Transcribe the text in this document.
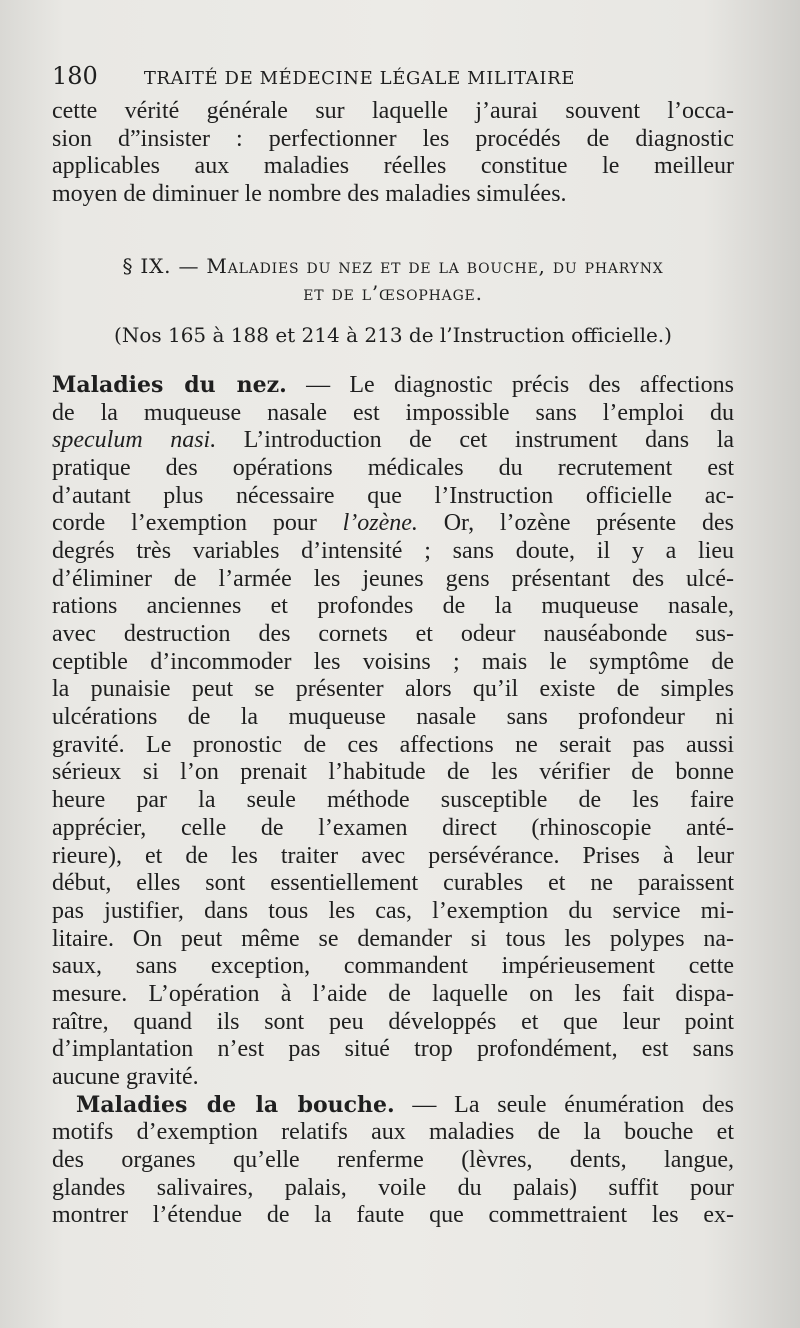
180	TRAITÉ DE MÉDECINE LÉGALE MILITAIRE
cette vérité générale sur laquelle j’aurai souvent l’occa-
sion d”insister : perfectionner les procédés de diagnostic
applicables aux maladies réelles constitue le meilleur
moyen de diminuer le nombre des maladies simulées.
§ IX. — Maladies du nez et de la bouche, du pharynx
et de l’œsophage.
(Nos 165 à 188 et 214 à 213 de l’Instruction officielle.)
Maladies du nez. — Le diagnostic précis des affections
de la muqueuse nasale est impossible sans l’emploi du
speculum nasi. L’introduction de cet instrument dans la
pratique des opérations médicales du recrutement est
d’autant plus nécessaire que l’Instruction officielle ac-
corde l’exemption pour l’ozène. Or, l’ozène présente des
degrés très variables d’intensité ; sans doute, il y a lieu
d’éliminer de l’armée les jeunes gens présentant des ulcé-
rations anciennes et profondes de la muqueuse nasale,
avec destruction des cornets et odeur nauséabonde sus-
ceptible d’incommoder les voisins ; mais le symptôme de
la punaisie peut se présenter alors qu’il existe de simples
ulcérations de la muqueuse nasale sans profondeur ni
gravité. Le pronostic de ces affections ne serait pas aussi
sérieux si l’on prenait l’habitude de les vérifier de bonne
heure par la seule méthode susceptible de les faire
apprécier, celle de l’examen direct (rhinoscopie anté-
rieure), et de les traiter avec persévérance. Prises à leur
début, elles sont essentiellement curables et ne paraissent
pas justifier, dans tous les cas, l’exemption du service mi-
litaire. On peut même se demander si tous les polypes na-
saux, sans exception, commandent impérieusement cette
mesure. L’opération à l’aide de laquelle on les fait dispa-
raître, quand ils sont peu développés et que leur point
d’implantation n’est pas situé trop profondément, est sans
aucune gravité.
Maladies de la bouche. — La seule énumération des
motifs d’exemption relatifs aux maladies de la bouche et
des organes qu’elle renferme (lèvres, dents, langue,
glandes salivaires, palais, voile du palais) suffit pour
montrer l’étendue de la faute que commettraient les ex-
